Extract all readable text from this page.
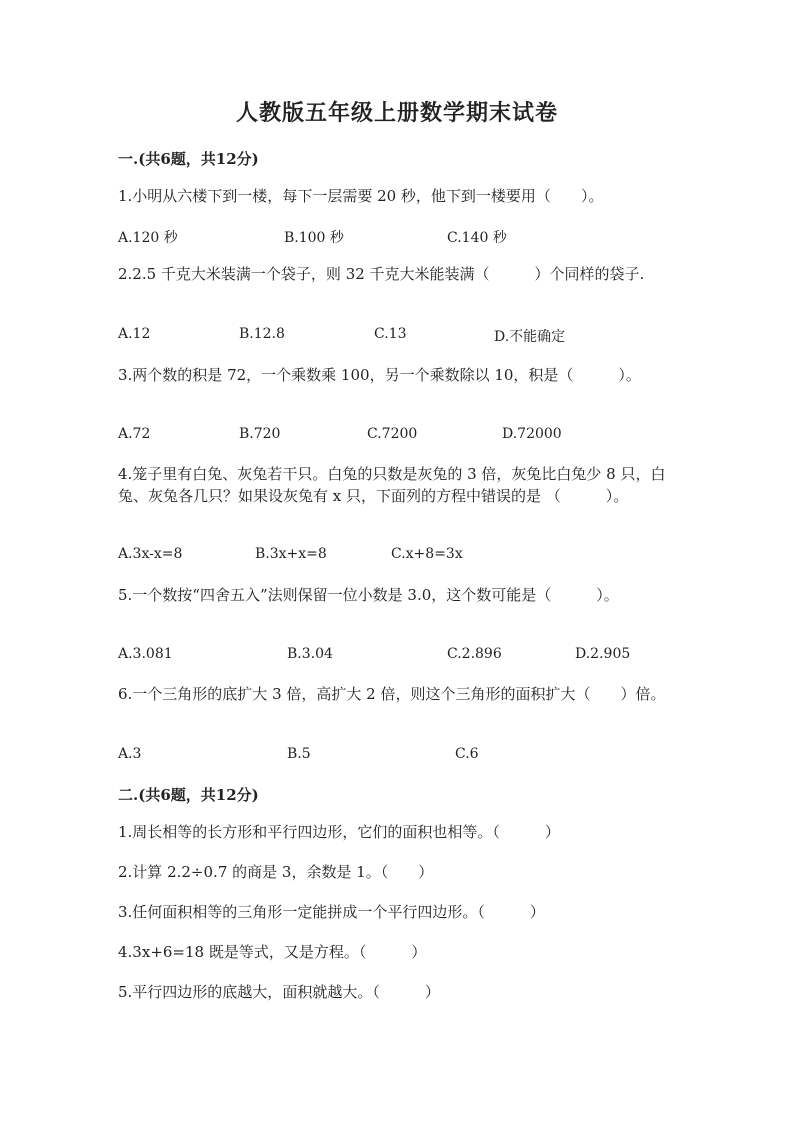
人教版五年级上册数学期末试卷
一.(共6题，共12分)
1.小明从六楼下到一楼，每下一层需要 20 秒，他下到一楼要用（　　）。
A.120 秒	B.100 秒	C.140 秒
2.2.5 千克大米装满一个袋子，则 32 千克大米能装满（　　　）个同样的袋子.
A.12	B.12.8	C.13	D.不能确定
3.两个数的积是 72，一个乘数乘 100，另一个乘数除以 10，积是（　　　）。
A.72	B.720	C.7200	D.72000
4.笼子里有白兔、灰兔若干只。白兔的只数是灰兔的 3 倍，灰兔比白兔少 8 只，白兔、灰兔各几只？如果设灰兔有 x 只，下面列的方程中错误的是 （　　　）。
A.3x-x=8	B.3x+x=8	C.x+8=3x
5.一个数按“四舍五入”法则保留一位小数是 3.0，这个数可能是（　　　）。
A.3.081	B.3.04	C.2.896	D.2.905
6.一个三角形的底扩大 3 倍，高扩大 2 倍，则这个三角形的面积扩大（　　）倍。
A.3	B.5	C.6
二.(共6题，共12分)
1.周长相等的长方形和平行四边形，它们的面积也相等。（　　　）
2.计算 2.2÷0.7 的商是 3，余数是 1。（　　）
3.任何面积相等的三角形一定能拼成一个平行四边形。（　　　）
4.3x+6=18 既是等式，又是方程。（　　　）
5.平行四边形的底越大，面积就越大。（　　　）
